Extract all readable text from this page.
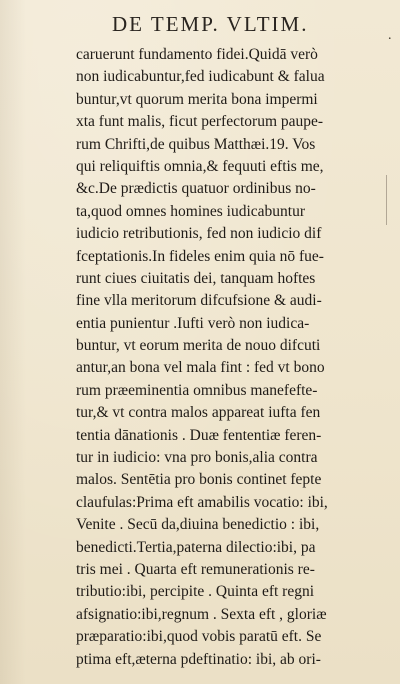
DE TEMP. VLTIM.	.
caruerunt fundamento fidei.Quidā verò
non iudicabuntur,fed iudicabunt & falua
buntur,vt quorum merita bona impermi
xta funt malis, ficut perfectorum paupe-
rum Chrifti,de quibus Matthæi.19. Vos
qui reliquiftis omnia,& fequuti eftis me,
&c.De prædictis quatuor ordinibus no-
ta,quod omnes homines iudicabuntur
iudicio retributionis, fed non iudicio dif
fceptationis.In fideles enim quia nō fue-
runt ciues ciuitatis dei, tanquam hoftes
fine vlla meritorum difcufsione & audi-
entia punientur .Iufti verò non iudica-
buntur, vt eorum merita de nouo difcuti
antur,an bona vel mala fint : fed vt bono
rum præeminentia omnibus manefefte-
tur,& vt contra malos appareat iufta fen
tentia dānationis . Duæ fententiæ feren-
tur in iudicio: vna pro bonis,alia contra
malos. Sentētia pro bonis continet fepte
claufulas:Prima eft amabilis vocatio: ibi,
Venite . Secū da,diuina benedictio : ibi,
benedicti.Tertia,paterna dilectio:ibi, pa
tris mei . Quarta eft remunerationis re-
tributio:ibi, percipite . Quinta eft regni
afsignatio:ibi,regnum . Sexta eft , gloriæ
præparatio:ibi,quod vobis paratū eft. Se
ptima eft,æterna pdeftinatio: ibi, ab ori-
